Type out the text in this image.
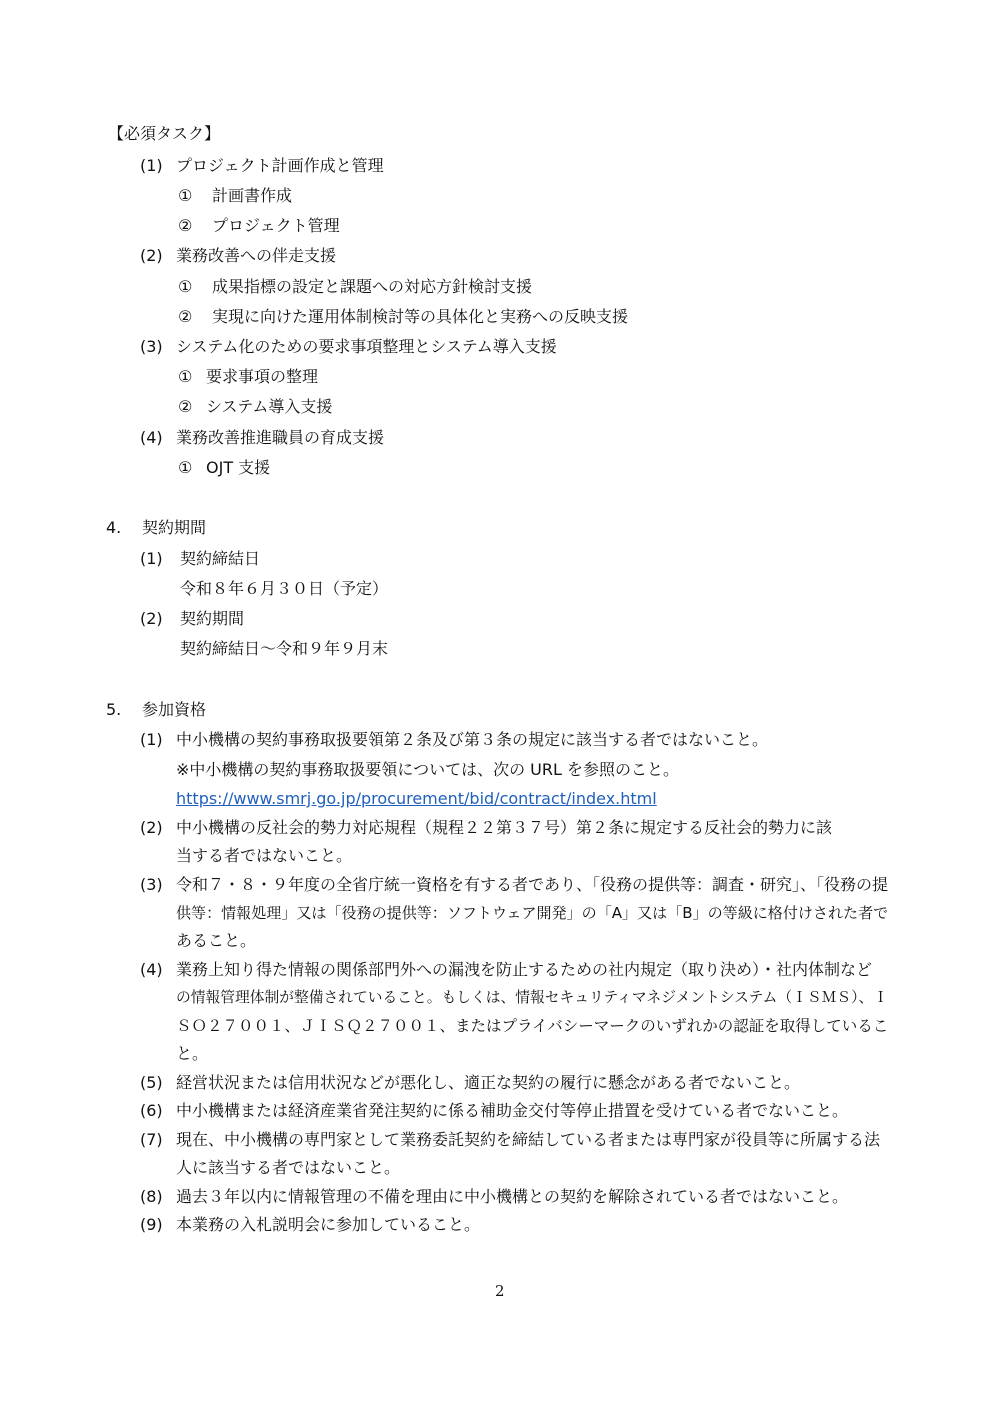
【必須タスク】
(1) プロジェクト計画作成と管理
① 計画書作成
② プロジェクト管理
(2) 業務改善への伴走支援
① 成果指標の設定と課題への対応方針検討支援
② 実現に向けた運用体制検討等の具体化と実務への反映支援
(3) システム化のための要求事項整理とシステム導入支援
① 要求事項の整理
② システム導入支援
(4) 業務改善推進職員の育成支援
① OJT 支援
4. 契約期間
(1) 契約締結日
令和８年６月３０日（予定）
(2) 契約期間
契約締結日～令和９年９月末
5. 参加資格
(1) 中小機構の契約事務取扱要領第２条及び第３条の規定に該当する者ではないこと。
※中小機構の契約事務取扱要領については、次の URL を参照のこと。
https://www.smrj.go.jp/procurement/bid/contract/index.html
(2) 中小機構の反社会的勢力対応規程（規程２２第３７号）第２条に規定する反社会的勢力に該
当する者ではないこと。
(3) 令和７・８・９年度の全省庁統一資格を有する者であり、「役務の提供等：調査・研究」、「役務の提
供等：情報処理」又は「役務の提供等：ソフトウェア開発」の「A」又は「B」の等級に格付けされた者で
あること。
(4) 業務上知り得た情報の関係部門外への漏洩を防止するための社内規定（取り決め）・社内体制など
の情報管理体制が整備されていること。もしくは、情報セキュリティマネジメントシステム（ＩＳＭＳ）、Ｉ
ＳＯ２７００１、ＪＩＳＱ２７００１、またはプライバシーマークのいずれかの認証を取得しているこ
と。
(5) 経営状況または信用状況などが悪化し、適正な契約の履行に懸念がある者でないこと。
(6) 中小機構または経済産業省発注契約に係る補助金交付等停止措置を受けている者でないこと。
(7) 現在、中小機構の専門家として業務委託契約を締結している者または専門家が役員等に所属する法
人に該当する者ではないこと。
(8) 過去３年以内に情報管理の不備を理由に中小機構との契約を解除されている者ではないこと。
(9) 本業務の入札説明会に参加していること。
2
